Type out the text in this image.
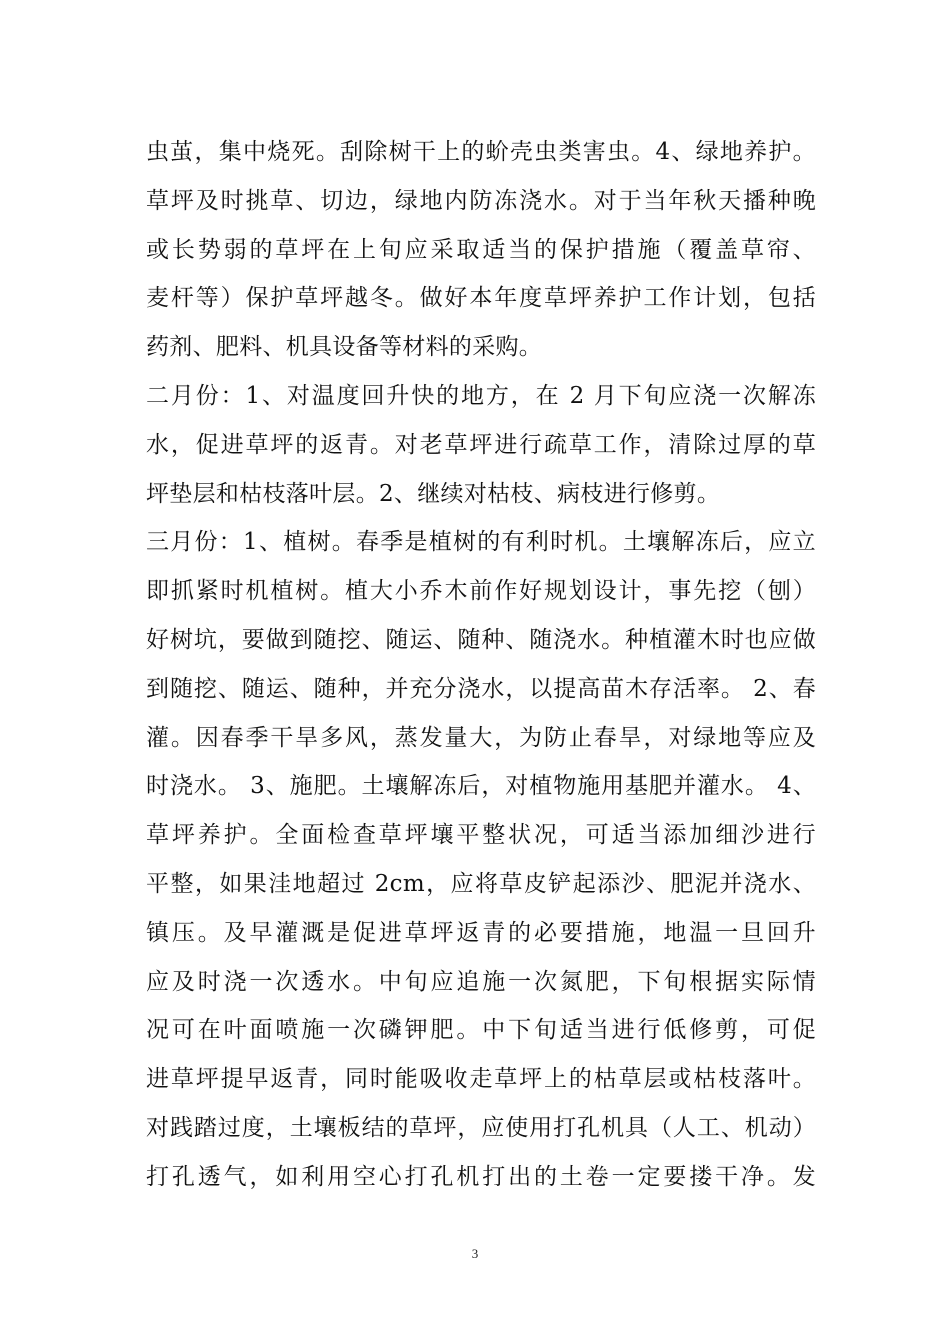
虫茧，集中烧死。刮除树干上的蚧壳虫类害虫。4、绿地养护。
草坪及时挑草、切边，绿地内防冻浇水。对于当年秋天播种晚
或长势弱的草坪在上旬应采取适当的保护措施（覆盖草帘、
麦杆等）保护草坪越冬。做好本年度草坪养护工作计划，包括
药剂、肥料、机具设备等材料的采购。
二月份：1、对温度回升快的地方，在 2 月下旬应浇一次解冻
水，促进草坪的返青。对老草坪进行疏草工作，清除过厚的草
坪垫层和枯枝落叶层。2、继续对枯枝、病枝进行修剪。
三月份：1、植树。春季是植树的有利时机。土壤解冻后，应立
即抓紧时机植树。植大小乔木前作好规划设计，事先挖（刨）
好树坑，要做到随挖、随运、随种、随浇水。种植灌木时也应做
到随挖、随运、随种，并充分浇水，以提高苗木存活率。 2、春
灌。因春季干旱多风，蒸发量大，为防止春旱，对绿地等应及
时浇水。 3、施肥。土壤解冻后，对植物施用基肥并灌水。 4、
草坪养护。全面检查草坪壤平整状况，可适当添加细沙进行
平整，如果洼地超过 2cm，应将草皮铲起添沙、肥泥并浇水、
镇压。及早灌溉是促进草坪返青的必要措施，地温一旦回升
应及时浇一次透水。中旬应追施一次氮肥，下旬根据实际情
况可在叶面喷施一次磷钾肥。中下旬适当进行低修剪，可促
进草坪提早返青，同时能吸收走草坪上的枯草层或枯枝落叶。
对践踏过度，土壤板结的草坪，应使用打孔机具（人工、机动）
打孔透气，如利用空心打孔机打出的土卷一定要搂干净。发
3
